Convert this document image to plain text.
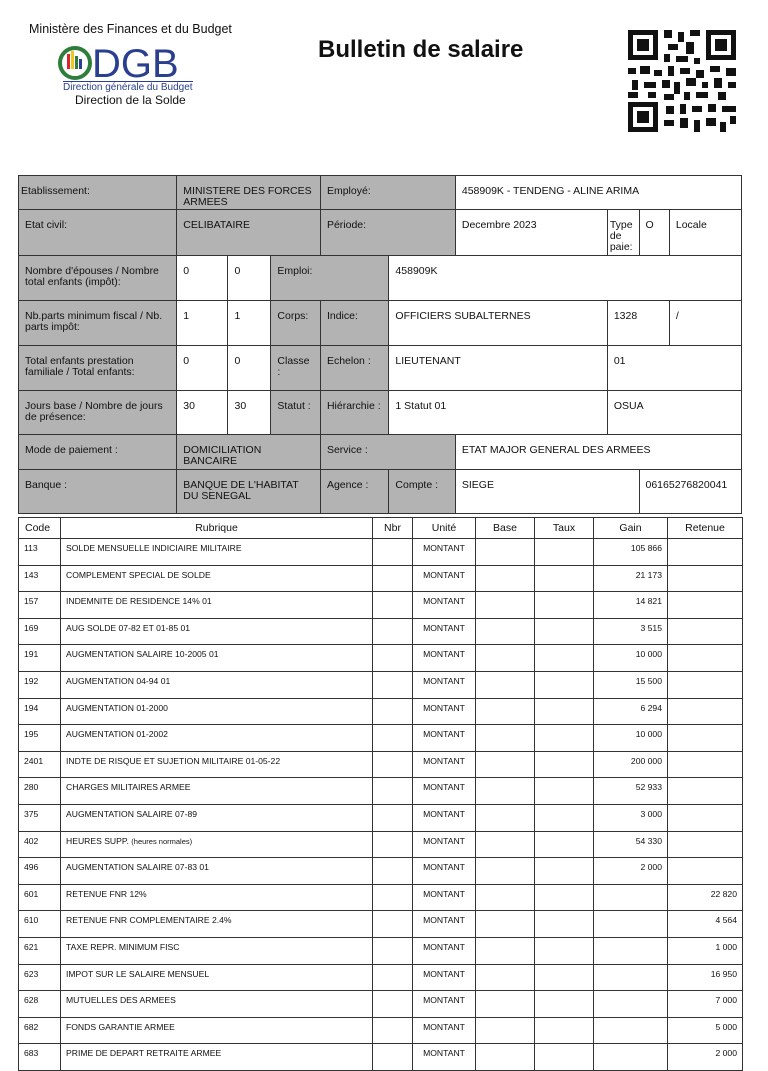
Ministère des Finances et du Budget
DGB
Direction générale du Budget
Direction de la Solde
Bulletin de salaire
Etablissement:	MINISTERE DES FORCES ARMEES			Employé:		458909K - TENDENG - ALINE ARIMA			
Etat civil:	CELIBATAIRE			Période:		Decembre 2023	Type de paie:	O	Locale
Nombre d'épouses / Nombre total enfants (impôt):	0	0	Emploi:		458909K				
Nb.parts minimum fiscal / Nb. parts impôt:	1	1	Corps:	Indice:	OFFICIERS SUBALTERNES		1328		/
Total enfants prestation familiale / Total enfants:	0	0	Classe :	Echelon :	LIEUTENANT		01		
Jours base / Nombre de jours de présence:	30	30	Statut :	Hiérarchie :	1 Statut 01		OSUA		
Mode de paiement :	DOMICILIATION BANCAIRE			Service :		ETAT MAJOR GENERAL DES ARMEES			
Banque :	BANQUE DE L'HABITAT DU SENEGAL			Agence :	Compte :	SIEGE		06165276820041	
Code	Rubrique	Nbr	Unité	Base	Taux	Gain	Retenue
113	SOLDE MENSUELLE INDICIAIRE MILITAIRE		MONTANT			105 866	
143	COMPLEMENT SPECIAL DE SOLDE		MONTANT			21 173	
157	INDEMNITE DE RESIDENCE 14% 01		MONTANT			14 821	
169	AUG SOLDE 07-82 ET 01-85 01		MONTANT			3 515	
191	AUGMENTATION SALAIRE 10-2005 01		MONTANT			10 000	
192	AUGMENTATION 04-94 01		MONTANT			15 500	
194	AUGMENTATION 01-2000		MONTANT			6 294	
195	AUGMENTATION 01-2002		MONTANT			10 000	
2401	INDTE DE RISQUE ET SUJETION MILITAIRE 01-05-22		MONTANT			200 000	
280	CHARGES MILITAIRES ARMEE		MONTANT			52 933	
375	AUGMENTATION SALAIRE 07-89		MONTANT			3 000	
402	HEURES SUPP. (heures normales)		MONTANT			54 330	
496	AUGMENTATION SALAIRE 07-83 01		MONTANT			2 000	
601	RETENUE FNR 12%		MONTANT				22 820
610	RETENUE FNR COMPLEMENTAIRE 2.4%		MONTANT				4 564
621	TAXE REPR. MINIMUM FISC		MONTANT				1 000
623	IMPOT SUR LE SALAIRE MENSUEL		MONTANT				16 950
628	MUTUELLES DES ARMEES		MONTANT				7 000
682	FONDS GARANTIE ARMEE		MONTANT				5 000
683	PRIME DE DEPART RETRAITE ARMEE		MONTANT				2 000
